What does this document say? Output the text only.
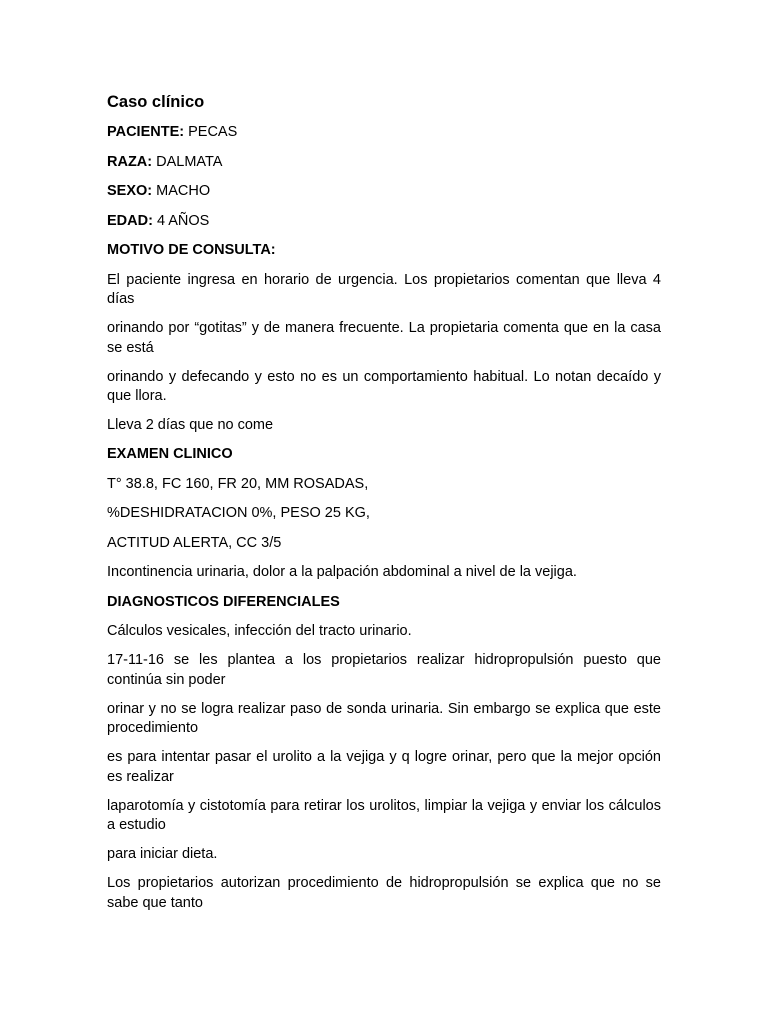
Caso clínico
PACIENTE: PECAS
RAZA: DALMATA
SEXO: MACHO
EDAD: 4 AÑOS
MOTIVO DE CONSULTA:
El paciente ingresa en horario de urgencia. Los propietarios comentan que lleva 4 días
orinando por “gotitas” y de manera frecuente. La propietaria comenta que en la casa se está
orinando y defecando y esto no es un comportamiento habitual. Lo notan decaído y que llora.
Lleva 2 días que no come
EXAMEN CLINICO
T° 38.8, FC 160, FR 20, MM ROSADAS,
%DESHIDRATACION 0%, PESO 25 KG,
ACTITUD ALERTA, CC 3/5
Incontinencia urinaria, dolor a la palpación abdominal a nivel de la vejiga.
DIAGNOSTICOS DIFERENCIALES
Cálculos vesicales, infección del tracto urinario.
17-11-16 se les plantea a los propietarios realizar hidropropulsión puesto que continúa sin poder
orinar y no se logra realizar paso de sonda urinaria. Sin embargo se explica que este procedimiento
es para intentar pasar el urolito a la vejiga y q logre orinar, pero que la mejor opción es realizar
laparotomía y cistotomía para retirar los urolitos, limpiar la vejiga y enviar los cálculos a estudio
para iniciar dieta.
Los propietarios autorizan procedimiento de hidropropulsión se explica que no se sabe que tanto
